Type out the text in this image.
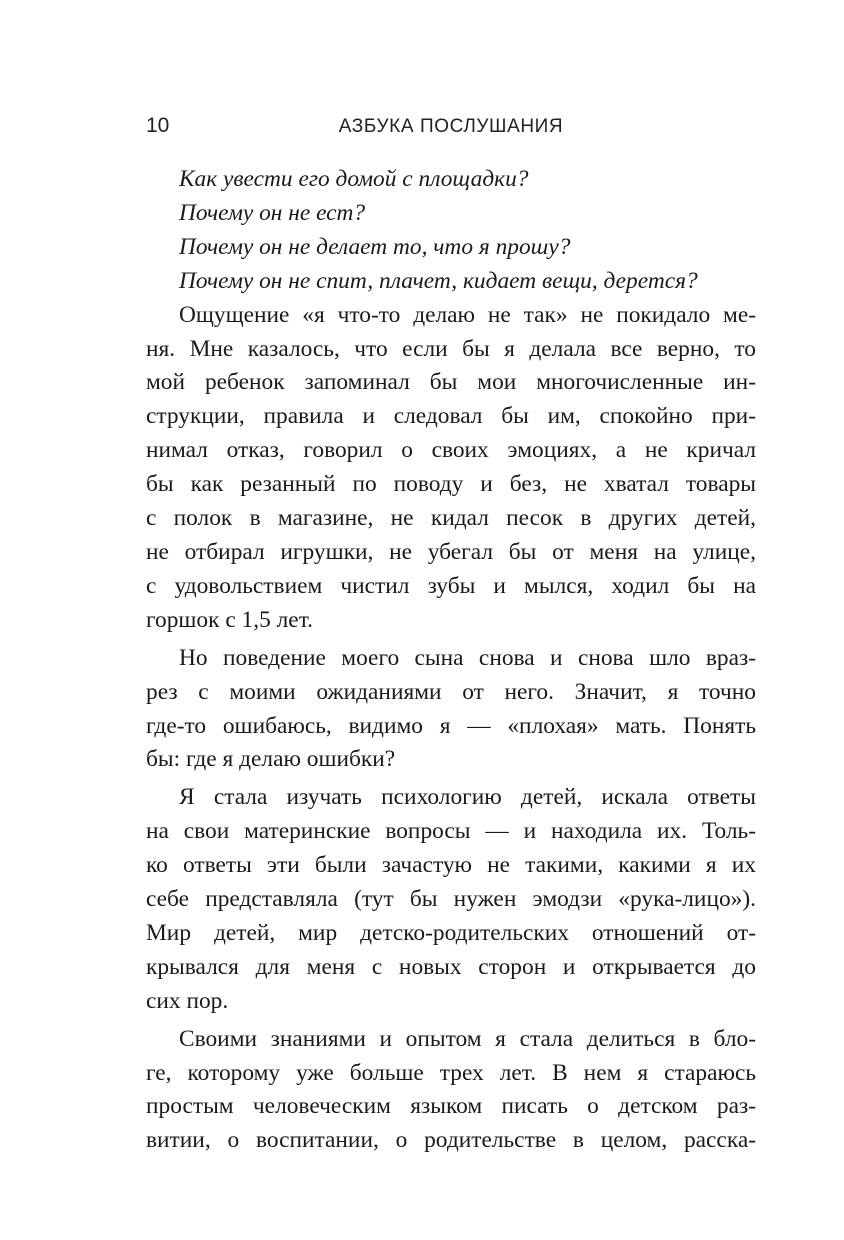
10	АЗБУКА ПОСЛУШАНИЯ
Как увести его домой с площадки?
Почему он не ест?
Почему он не делает то, что я прошу?
Почему он не спит, плачет, кидает вещи, дерется?
Ощущение «я что-то делаю не так» не покидало ме-
ня. Мне казалось, что если бы я делала все верно, то
мой ребенок запоминал бы мои многочисленные ин-
струкции, правила и следовал бы им, спокойно при-
нимал отказ, говорил о своих эмоциях, а не кричал
бы как резанный по поводу и без, не хватал товары
с полок в магазине, не кидал песок в других детей,
не отбирал игрушки, не убегал бы от меня на улице,
с удовольствием чистил зубы и мылся, ходил бы на
горшок с 1,5 лет.
Но поведение моего сына снова и снова шло враз-
рез с моими ожиданиями от него. Значит, я точно
где-то ошибаюсь, видимо я — «плохая» мать. Понять
бы: где я делаю ошибки?
Я стала изучать психологию детей, искала ответы
на свои материнские вопросы — и находила их. Толь-
ко ответы эти были зачастую не такими, какими я их
себе представляла (тут бы нужен эмодзи «рука-лицо»).
Мир детей, мир детско-родительских отношений от-
крывался для меня с новых сторон и открывается до
сих пор.
Своими знаниями и опытом я стала делиться в бло-
ге, которому уже больше трех лет. В нем я стараюсь
простым человеческим языком писать о детском раз-
витии, о воспитании, о родительстве в целом, расска-
